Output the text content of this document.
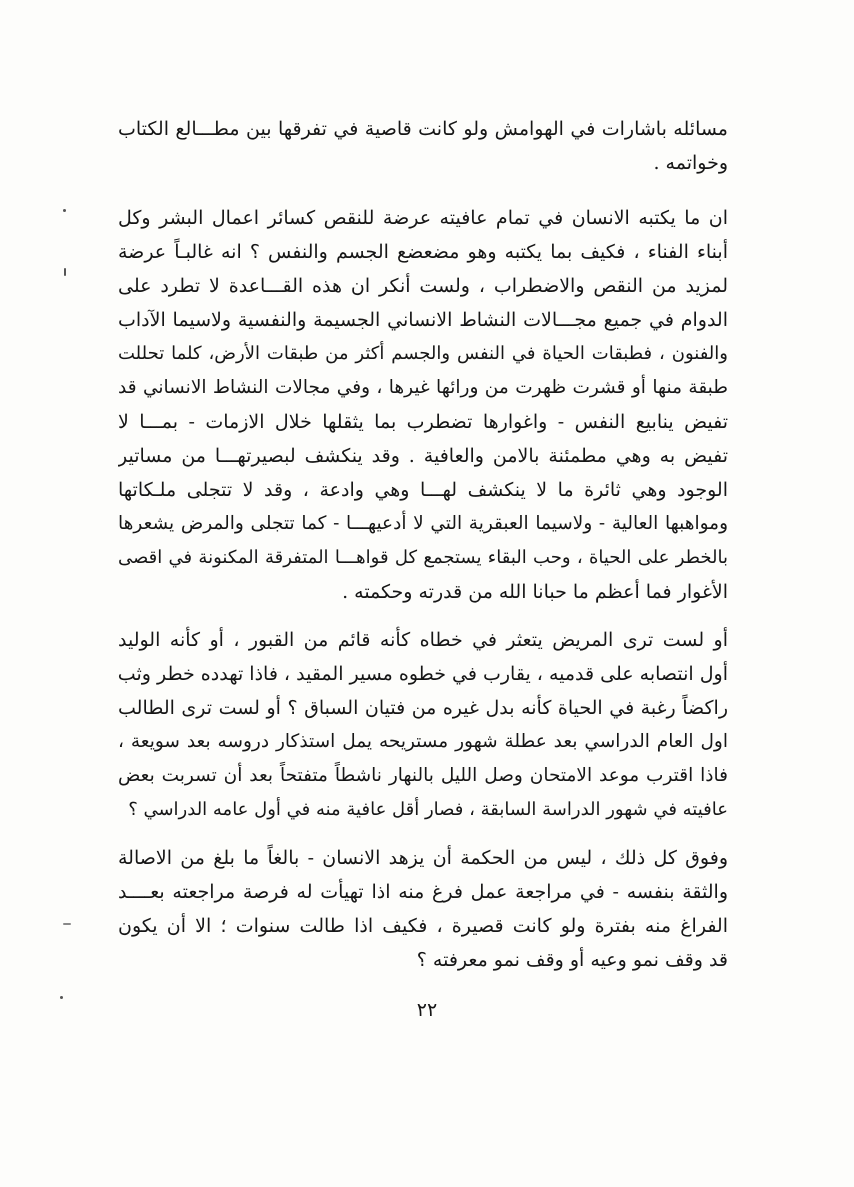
مسائله باشارات في الهوامش ولو كانت قاصية في تفرقها بين مطـــالع الكتاب
وخواتمه .
ان ما يكتبه الانسان في تمام عافيته عرضة للنقص كسائر اعمال البشر وكل
أبناء الفناء ، فكيف بما يكتبه وهو مضعضع الجسم والنفس ؟ انه غالبـاً عرضة
لمزيد من النقص والاضطراب ، ولست أنكر ان هذه القـــاعدة لا تطرد على
الدوام في جميع مجـــالات النشاط الانساني الجسيمة والنفسية ولاسيما الآداب
والفنون ، فطبقات الحياة في النفس والجسم أكثر من طبقات الأرض، كلما تحللت
طبقة منها أو قشرت ظهرت من ورائها غيرها ، وفي مجالات النشاط الانساني قد
تفيض ينابيع النفس - واغوارها تضطرب بما يثقلها خلال الازمات - بمـــا لا
تفيض به وهي مطمئنة بالامن والعافية . وقد ينكشف لبصيرتهـــا من مساتير
الوجود وهي ثائرة ما لا ينكشف لهـــا وهي وادعة ، وقد لا تتجلى ملـكاتها
ومواهبها العالية - ولاسيما العبقرية التي لا أدعيهـــا - كما تتجلى والمرض يشعرها
بالخطر على الحياة ، وحب البقاء يستجمع كل قواهـــا المتفرقة المكنونة في اقصى
الأغوار فما أعظم ما حبانا الله من قدرته وحكمته .
أو لست ترى المريض يتعثر في خطاه كأنه قائم من القبور ، أو كأنه الوليد
أول انتصابه على قدميه ، يقارب في خطوه مسير المقيد ، فاذا تهدده خطر وثب
راكضاً رغبة في الحياة كأنه بدل غيره من فتيان السباق ؟ أو لست ترى الطالب
اول العام الدراسي بعد عطلة شهور مستريحه يمل استذكار دروسه بعد سويعة ،
فاذا اقترب موعد الامتحان وصل الليل بالنهار ناشطاً متفتحاً بعد أن تسربت بعض
عافيته في شهور الدراسة السابقة ، فصار أقل عافية منه في أول عامه الدراسي ؟
وفوق كل ذلك ، ليس من الحكمة أن يزهد الانسان - بالغاً ما بلغ من الاصالة
والثقة بنفسه - في مراجعة عمل فرغ منه اذا تهيأت له فرصة مراجعته بعــــد
الفراغ منه بفترة ولو كانت قصيرة ، فكيف اذا طالت سنوات ؛ الا أن يكون
قد وقف نمو وعيه أو وقف نمو معرفته ؟
٢٢
